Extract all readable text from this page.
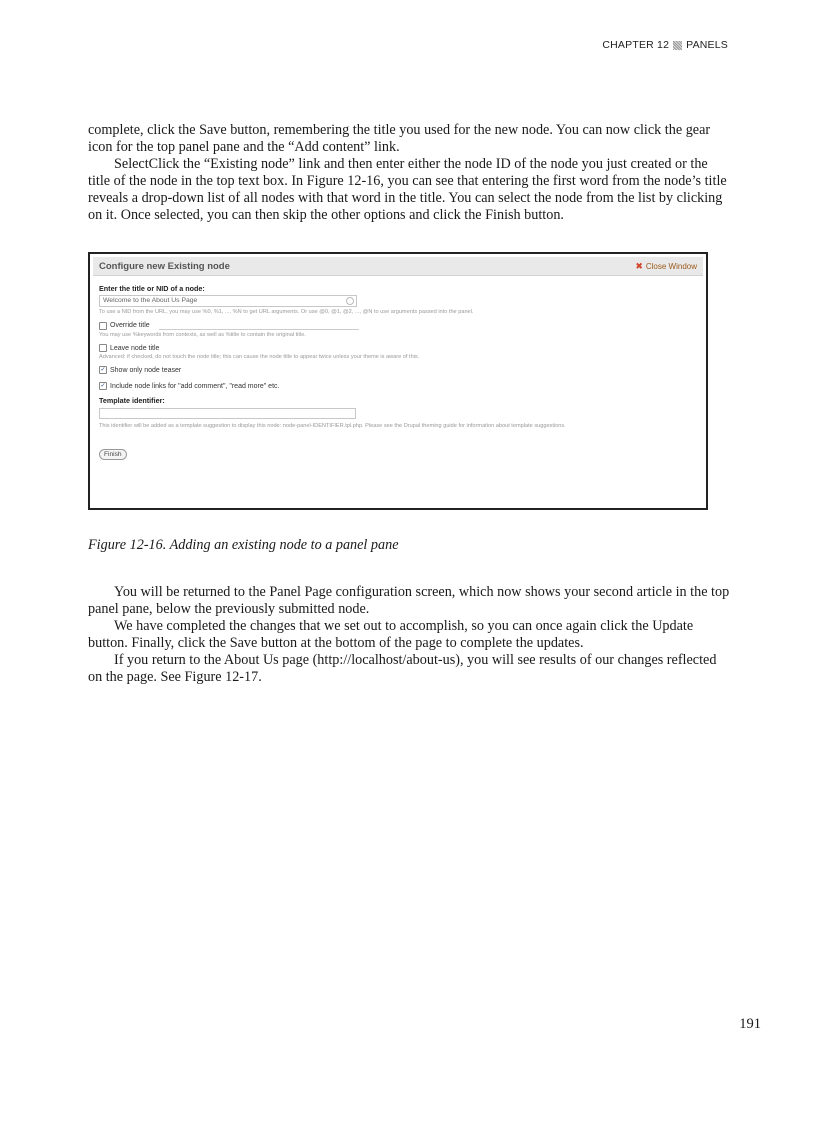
CHAPTER 12 PANELS

complete, click the Save button, remembering the title you used for the new node. You can now click the gear icon for the top panel pane and the “Add content” link.

SelectClick the “Existing node” link and then enter either the node ID of the node you just created or the title of the node in the top text box. In Figure 12-16, you can see that entering the first word from the node’s title reveals a drop-down list of all nodes with that word in the title. You can select the node from the list by clicking on it. Once selected, you can then skip the other options and click the Finish button.

Configure new Existing node	✖ Close Window
Enter the title or NID of a node:
Welcome to the About Us Page
To use a NID from the URL, you may use %0, %1, ..., %N to get URL arguments. Or use @0, @1, @2, ..., @N to use arguments passed into the panel.
Override title
You may use %keywords from contexts, as well as %title to contain the original title.
Leave node title
Advanced: if checked, do not touch the node title; this can cause the node title to appear twice unless your theme is aware of this.
✓ Show only node teaser
✓ Include node links for "add comment", "read more" etc.
Template identifier:
This identifier will be added as a template suggestion to display this node: node-panel-IDENTIFIER.tpl.php. Please see the Drupal theming guide for information about template suggestions.
Finish
Figure 12-16. Adding an existing node to a panel pane

You will be returned to the Panel Page configuration screen, which now shows your second article in the top panel pane, below the previously submitted node.

We have completed the changes that we set out to accomplish, so you can once again click the Update button. Finally, click the Save button at the bottom of the page to complete the updates.

If you return to the About Us page (http://localhost/about-us), you will see results of our changes reflected on the page. See Figure 12-17.

191
